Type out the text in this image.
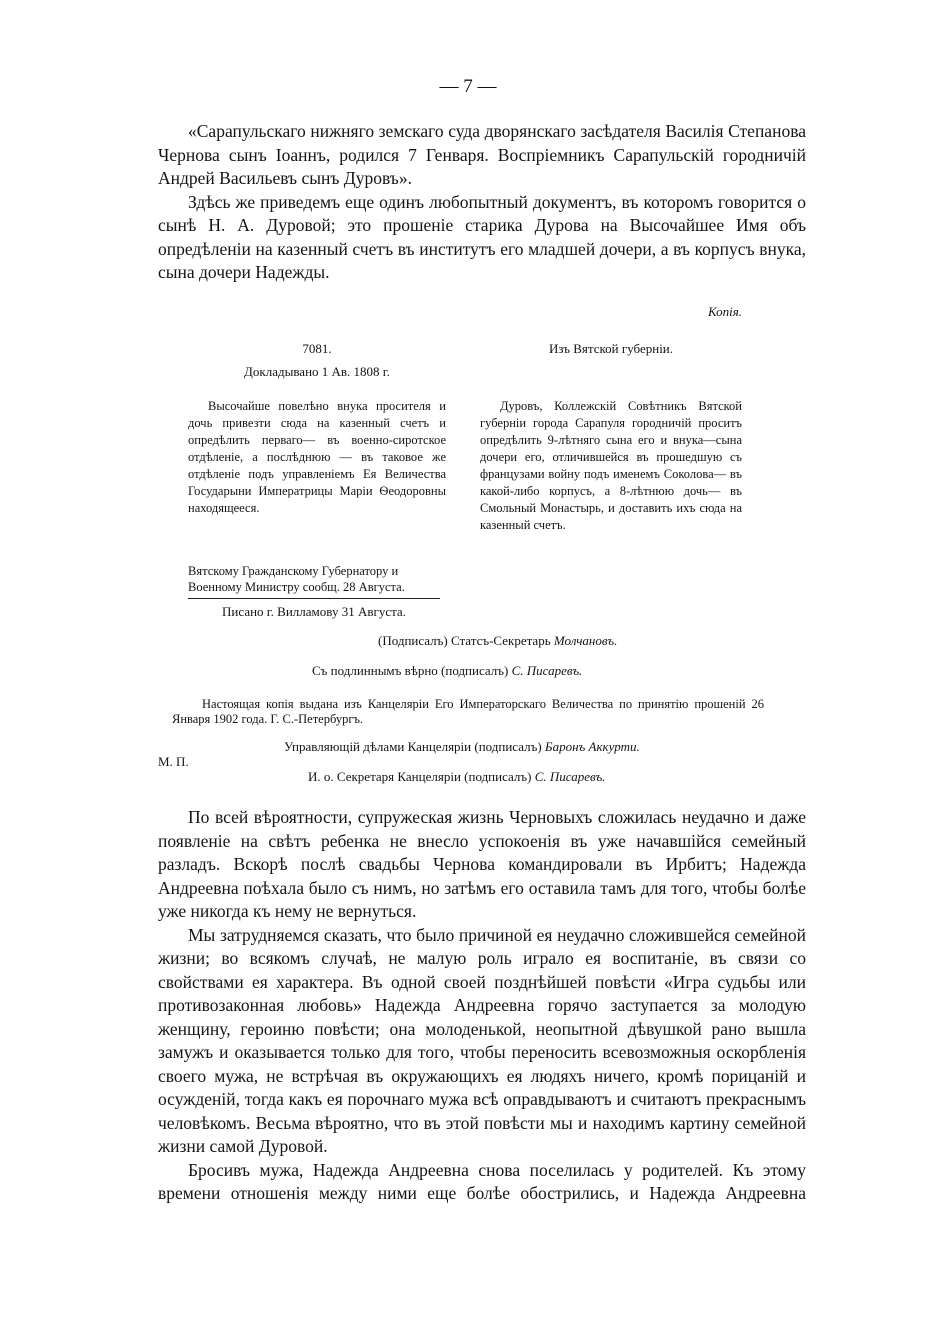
— 7 —

«Сарапульскаго нижняго земскаго суда дворянскаго засѣдателя Василія Степанова Чернова сынъ Іоаннъ, родился 7 Генваря. Воспріемникъ Сарапульскій городничій Андрей Васильевъ сынъ Дуровъ».

Здѣсь же приведемъ еще одинъ любопытный документъ, въ которомъ говорится о сынѣ Н. А. Дуровой; это прошеніе старика Дурова на Высочайшее Имя объ опредѣленіи на казенный счетъ въ институтъ его младшей дочери, а въ корпусъ внука, сына дочери Надежды.

Копія.
7081.
Докладывано 1 Ав. 1808 г.
Изъ Вятской губерніи.

Высочайше повелѣно внука просителя и дочь привезти сюда на казенный счетъ и опредѣлить перваго— въ военно-сиротское отдѣленіе, а послѣднюю — въ таковое же отдѣленіе подъ управленіемъ Ея Величества Государыни Императрицы Маріи Ѳеодоровны находящееся.

Вятскому Гражданскому Губернатору и Военному Министру сообщ. 28 Августа.
Писано г. Вилламову 31 Августа.

Дуровъ, Коллежскій Совѣтникъ Вятской губерніи города Сарапуля городничій проситъ опредѣлить 9-лѣтняго сына его и внука—сына дочери его, отличившейся въ прошедшую съ французами войну подъ именемъ Соколова— въ какой-либо корпусъ, а 8-лѣтнюю дочь— въ Смольный Монастырь, и доставить ихъ сюда на казенный счетъ.

(Подписалъ) Статсъ-Секретарь Молчановъ.
Съ подлиннымъ вѣрно (подписалъ) С. Писаревъ.
Настоящая копія выдана изъ Канцеляріи Его Императорскаго Величества по принятію прошеній 26 Января 1902 года. Г. С.-Петербургъ.
Управляющій дѣлами Канцеляріи (подписалъ) Баронъ Аккурти.
М. П.
И. о. Секретаря Канцеляріи (подписалъ) С. Писаревъ.

По всей вѣроятности, супружеская жизнь Черновыхъ сложилась неудачно и даже появленіе на свѣтъ ребенка не внесло успокоенія въ уже начавшійся семейный разладъ. Вскорѣ послѣ свадьбы Чернова командировали въ Ирбитъ; Надежда Андреевна поѣхала было съ нимъ, но затѣмъ его оставила тамъ для того, чтобы болѣе уже никогда къ нему не вернуться.

Мы затрудняемся сказать, что было причиной ея неудачно сложившейся семейной жизни; во всякомъ случаѣ, не малую роль играло ея воспитаніе, въ связи со свойствами ея характера. Въ одной своей позднѣйшей повѣсти «Игра судьбы или противозаконная любовь» Надежда Андреевна горячо заступается за молодую женщину, героиню повѣсти; она молоденькой, неопытной дѣвушкой рано вышла замужъ и оказывается только для того, чтобы переносить всевозможныя оскорбленія своего мужа, не встрѣчая въ окружающихъ ея людяхъ ничего, кромѣ порицаній и осужденій, тогда какъ ея порочнаго мужа всѣ оправдываютъ и считаютъ прекраснымъ человѣкомъ. Весьма вѣроятно, что въ этой повѣсти мы и находимъ картину семейной жизни самой Дуровой.

Бросивъ мужа, Надежда Андреевна снова поселилась у родителей. Къ этому времени отношенія между ними еще болѣе обострились, и Надежда Андреевна
